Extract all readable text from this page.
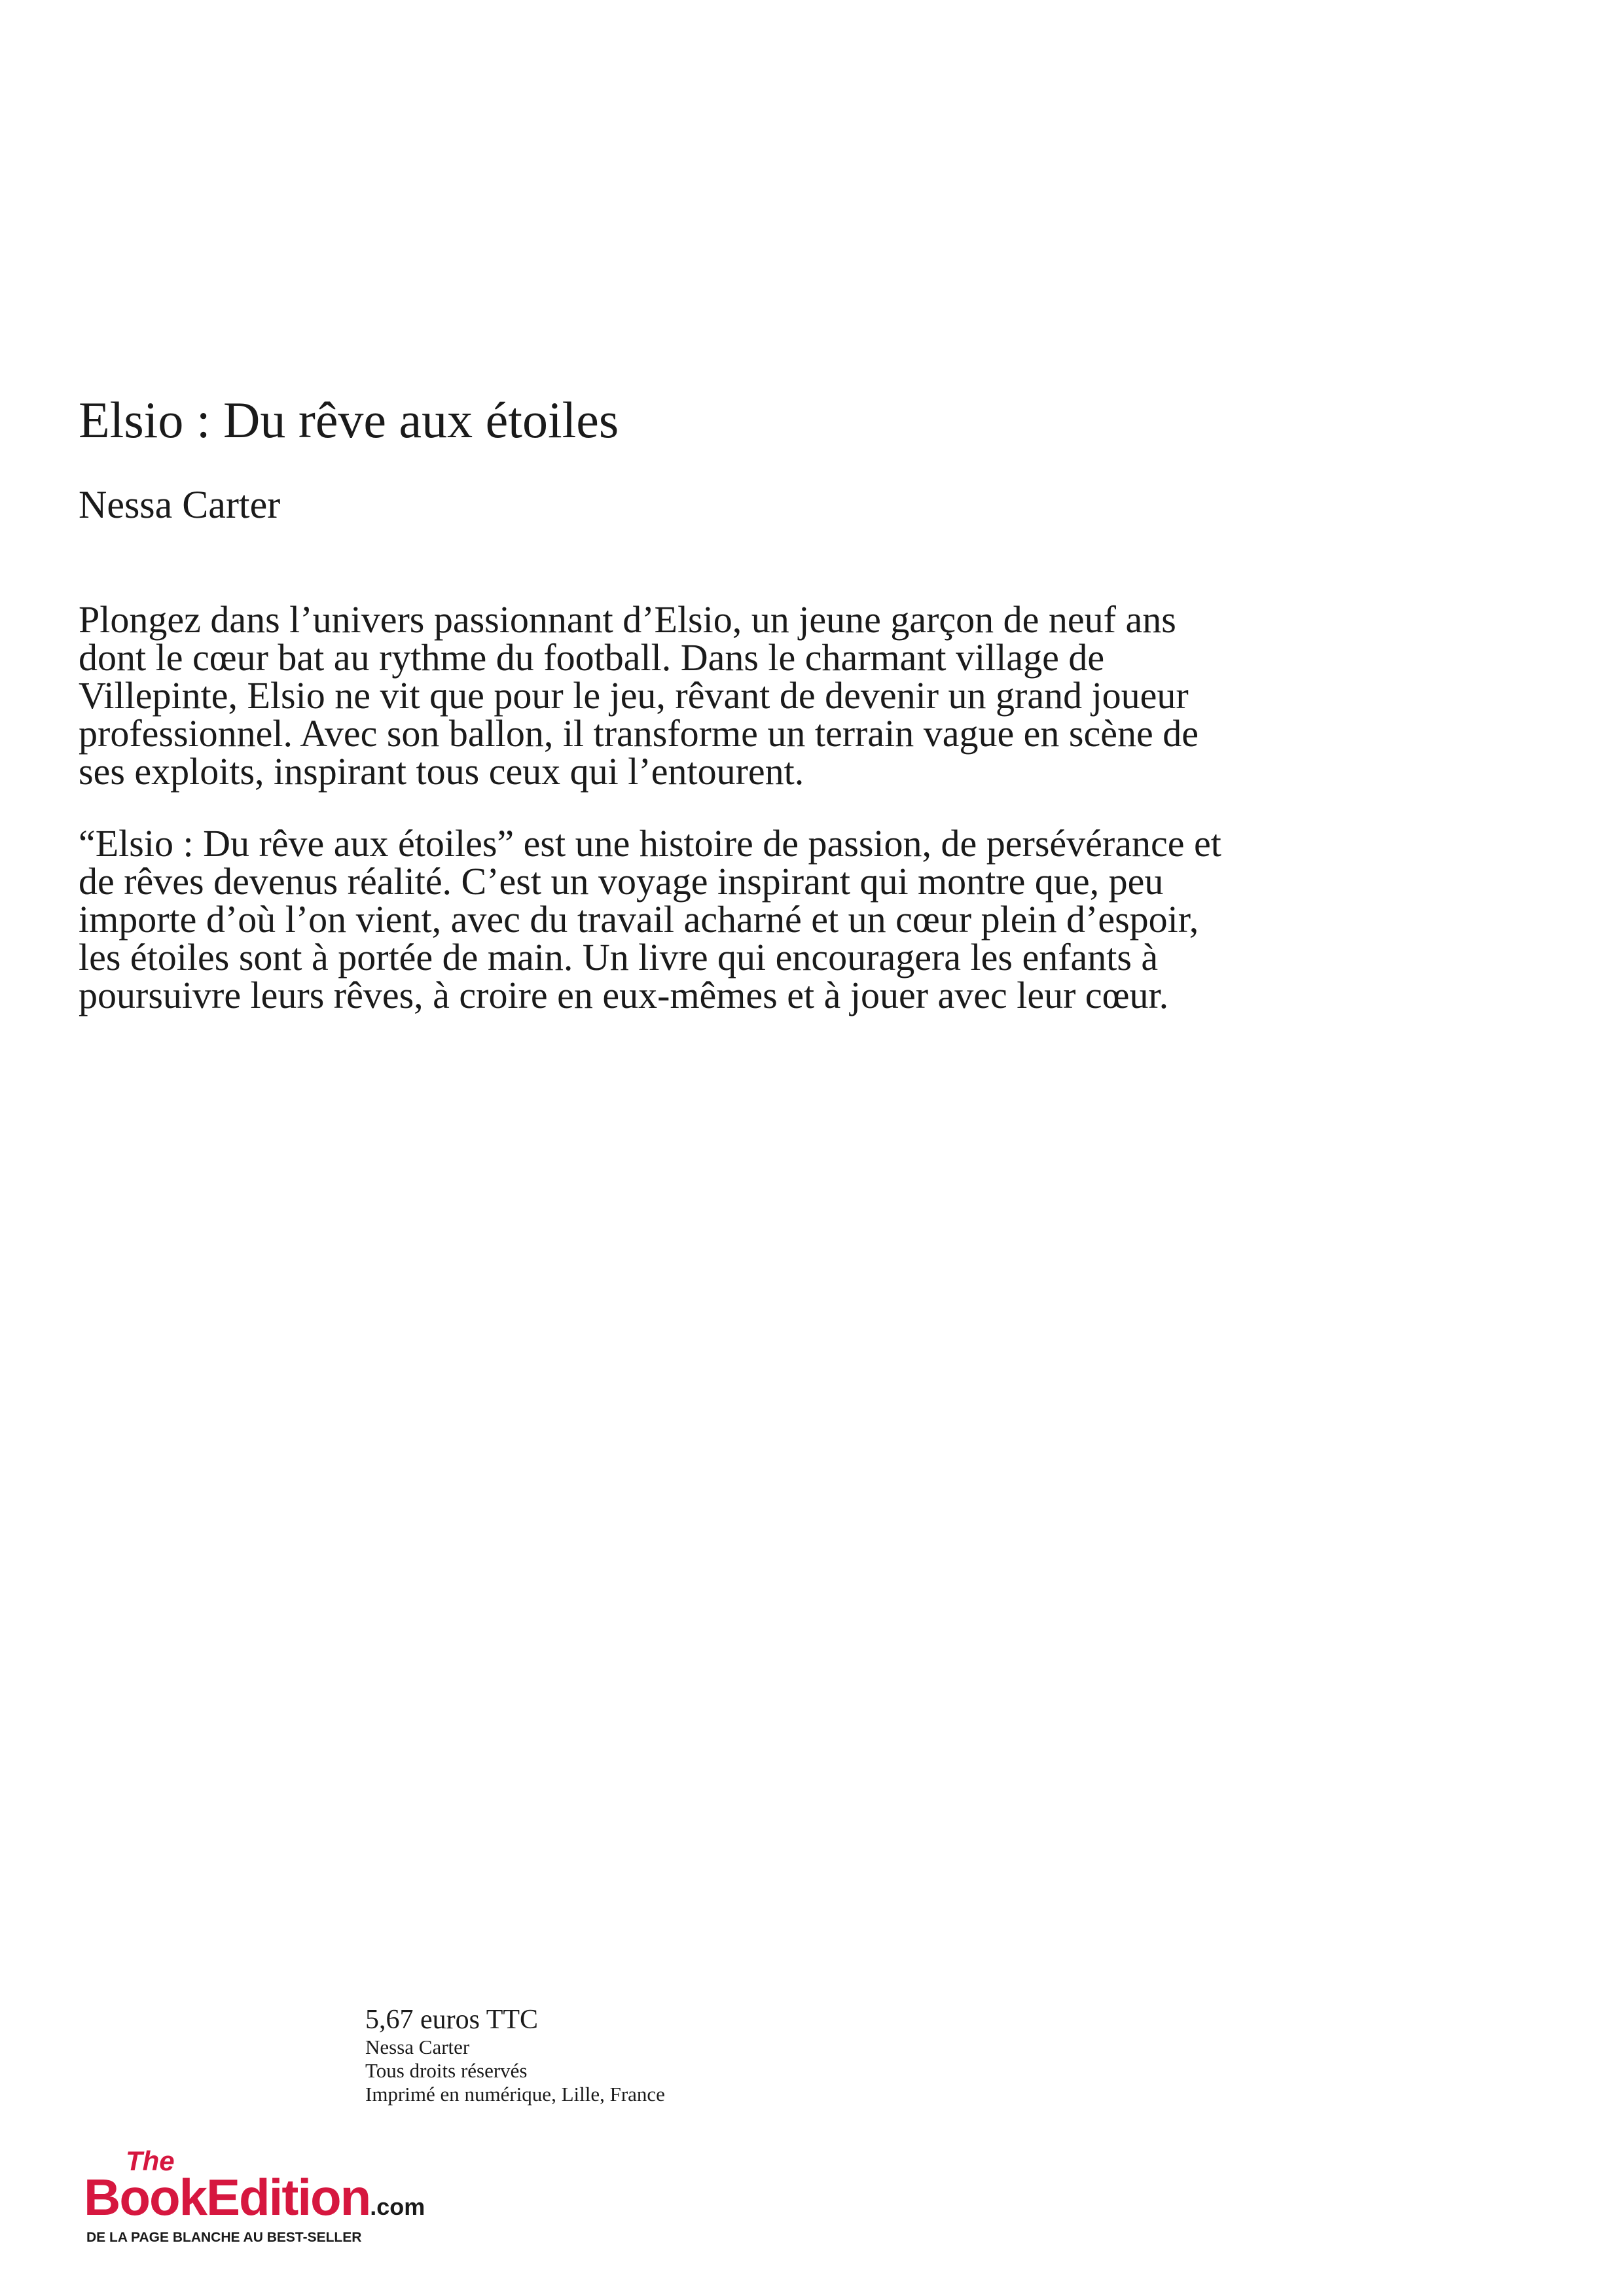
Elsio : Du rêve aux étoiles
Nessa Carter

Plongez dans l’univers passionnant d’Elsio, un jeune garçon de neuf ans dont le cœur bat au rythme du football. Dans le charmant village de Villepinte, Elsio ne vit que pour le jeu, rêvant de devenir un grand joueur professionnel. Avec son ballon, il transforme un terrain vague en scène de ses exploits, inspirant tous ceux qui l’entourent.

“Elsio : Du rêve aux étoiles” est une histoire de passion, de persévérance et de rêves devenus réalité. C’est un voyage inspirant qui montre que, peu importe d’où l’on vient, avec du travail acharné et un cœur plein d’espoir, les étoiles sont à portée de main. Un livre qui encouragera les enfants à poursuivre leurs rêves, à croire en eux-mêmes et à jouer avec leur cœur.

5,67 euros TTC
Nessa Carter
Tous droits réservés
Imprimé en numérique, Lille, France
The
BookEdition.com
DE LA PAGE BLANCHE AU BEST-SELLER
